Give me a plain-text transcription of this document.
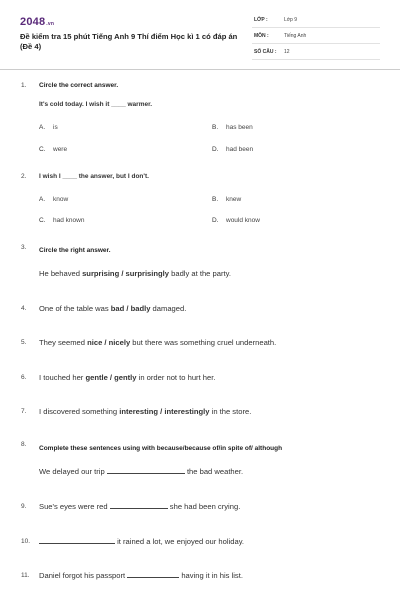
2048.vn
Đề kiểm tra 15 phút Tiếng Anh 9 Thí điểm Học kì 1 có đáp án (Đề 4)
LỚP :	Lớp 9
MÔN :	Tiếng Anh
SỐ CÂU : 12
1. Circle the correct answer.
It's cold today. I wish it ____ warmer.
A. is	B. has been
C. were	D. had been
2. I wish I ____ the answer, but I don't.
A. know	B. knew
C. had known	D. would know
3. Circle the right answer.
He behaved surprising / surprisingly badly at the party.
4. One of the table was bad / badly damaged.
5. They seemed nice / nicely but there was something cruel underneath.
6. I touched her gentle / gently in order not to hurt her.
7. I discovered something interesting / interestingly in the store.
8.
Complete these sentences using with because/because of/in spite of/ although
We delayed our trip	the bad weather.
9. Sue's eyes were red	she had been crying.
10.	it rained a lot, we enjoyed our holiday.
11. Daniel forgot his passport	having it in his list.
